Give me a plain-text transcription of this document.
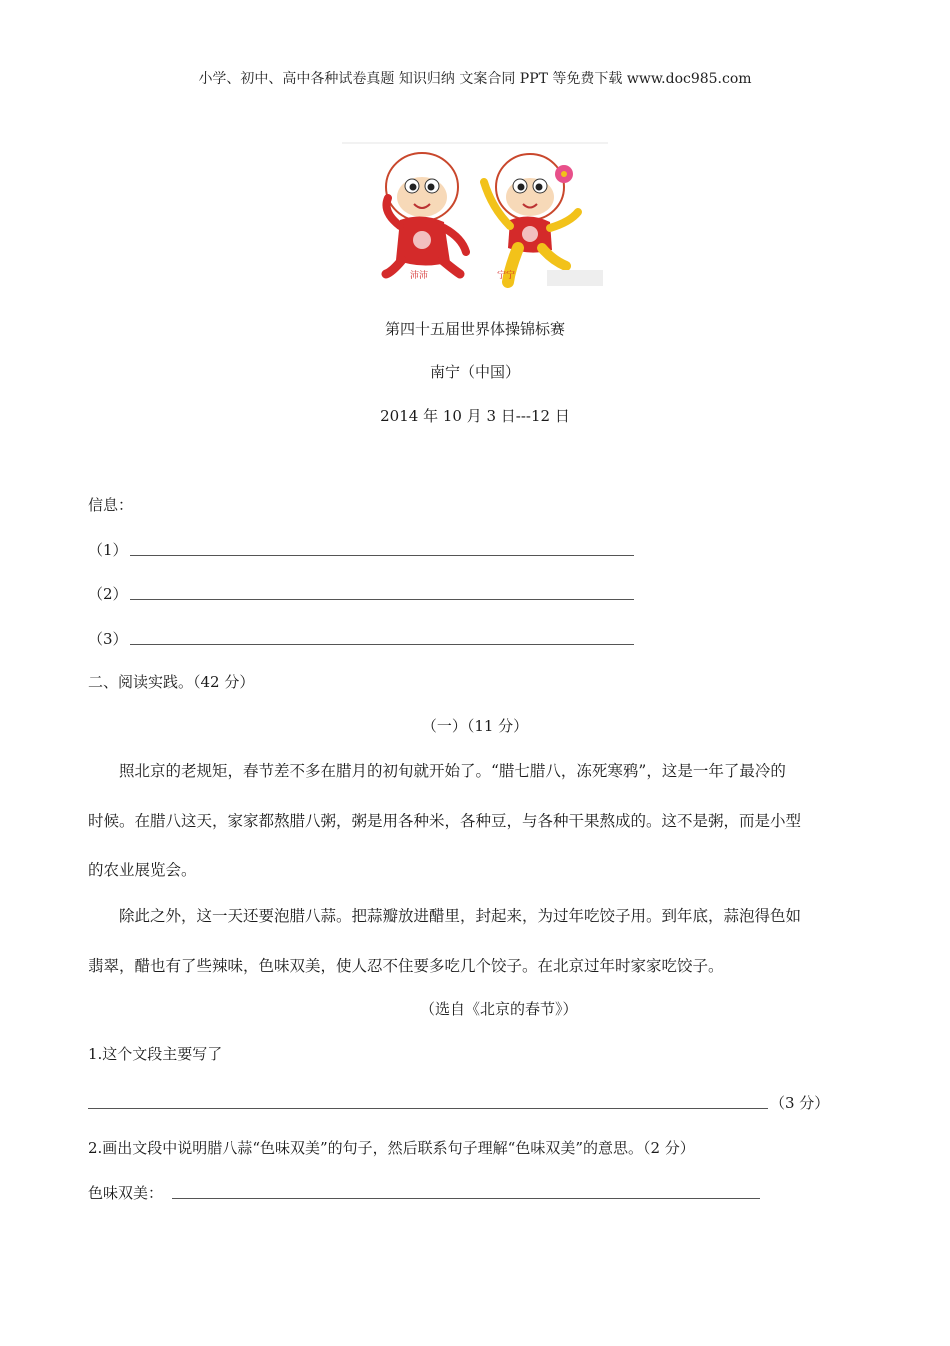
小学、初中、高中各种试卷真题 知识归纳 文案合同 PPT 等免费下载 www.doc985.com
沛沛	宁宁
第四十五届世界体操锦标赛
南宁（中国）
2014 年 10 月 3 日---12 日
信息：
（1）
（2）
（3）
二、阅读实践。（42 分）
（一）（11 分）
照北京的老规矩，春节差不多在腊月的初旬就开始了。“腊七腊八，冻死寒鸦”，这是一年了最冷的
时候。在腊八这天，家家都熬腊八粥，粥是用各种米，各种豆，与各种干果熬成的。这不是粥，而是小型
的农业展览会。
除此之外，这一天还要泡腊八蒜。把蒜瓣放进醋里，封起来，为过年吃饺子用。到年底，蒜泡得色如
翡翠，醋也有了些辣味，色味双美，使人忍不住要多吃几个饺子。在北京过年时家家吃饺子。
（选自《北京的春节》）
1.这个文段主要写了
（3 分）
2.画出文段中说明腊八蒜“色味双美”的句子，然后联系句子理解“色味双美”的意思。（2 分）
色味双美：
